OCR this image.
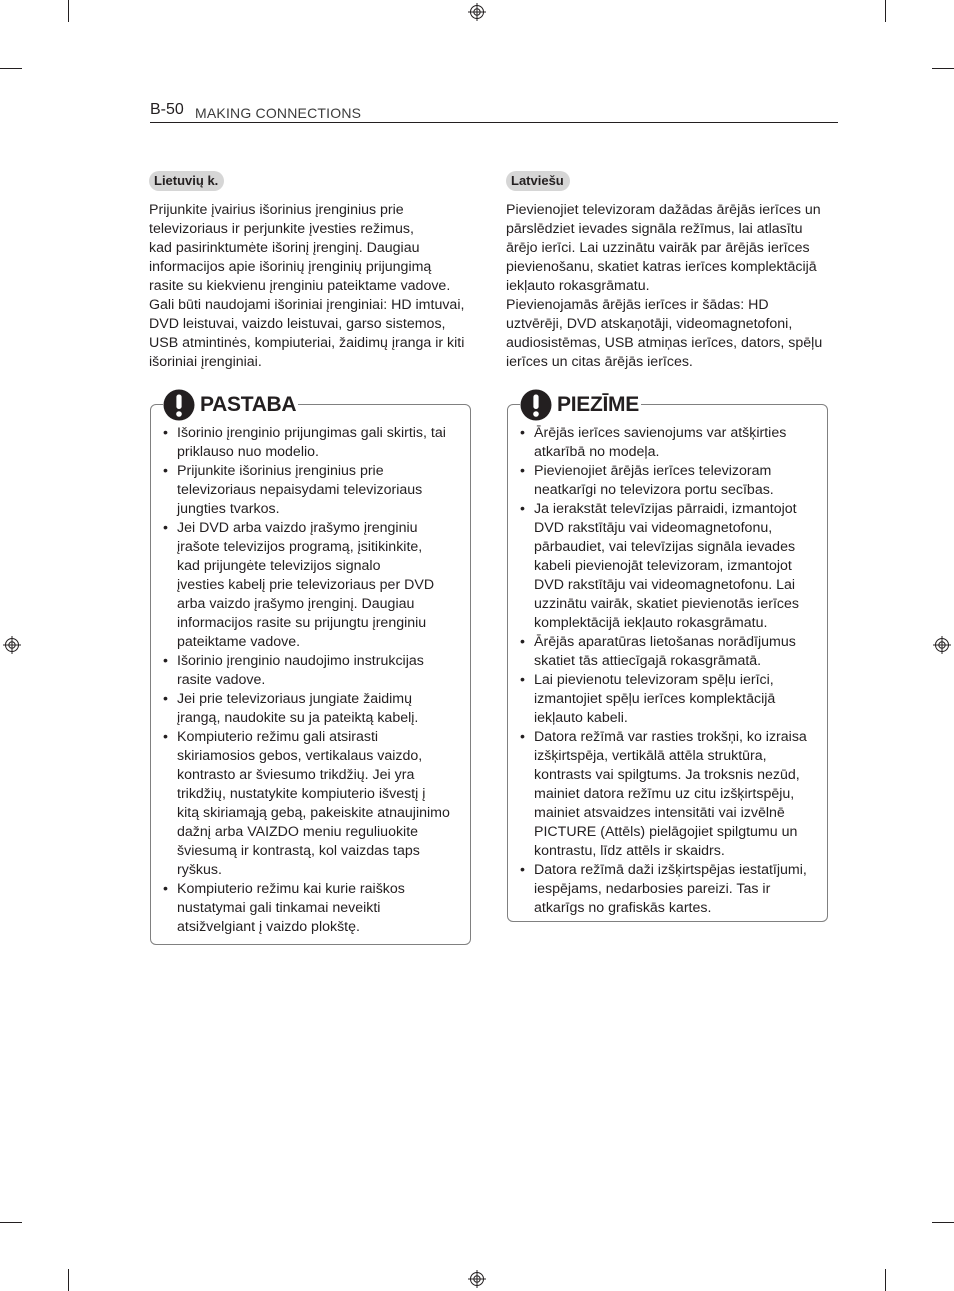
B-50 MAKING CONNECTIONS
Lietuvių k.

Prijunkite įvairius išorinius įrenginius prie
televizoriaus ir perjunkite įvesties režimus,
kad pasirinktumėte išorinį įrenginį. Daugiau
informacijos apie išorinių įrenginių prijungimą
rasite su kiekvienu įrenginiu pateiktame vadove.
Gali būti naudojami išoriniai įrenginiai: HD imtuvai,
DVD leistuvai, vaizdo leistuvai, garso sistemos,
USB atmintinės, kompiuteriai, žaidimų įranga ir kiti
išoriniai įrenginiai.

PASTABA
• Išorinio įrenginio prijungimas gali skirtis, tai
priklauso nuo modelio.
• Prijunkite išorinius įrenginius prie
televizoriaus nepaisydami televizoriaus
jungties tvarkos.
• Jei DVD arba vaizdo įrašymo įrenginiu
įrašote televizijos programą, įsitikinkite,
kad prijungėte televizijos signalo
įvesties kabelį prie televizoriaus per DVD
arba vaizdo įrašymo įrenginį. Daugiau
informacijos rasite su prijungtu įrenginiu
pateiktame vadove.
• Išorinio įrenginio naudojimo instrukcijas
rasite vadove.
• Jei prie televizoriaus jungiate žaidimų
įrangą, naudokite su ja pateiktą kabelį.
• Kompiuterio režimu gali atsirasti
skiriamosios gebos, vertikalaus vaizdo,
kontrasto ar šviesumo trikdžių. Jei yra
trikdžių, nustatykite kompiuterio išvestį į
kitą skiriamąją gebą, pakeiskite atnaujinimo
dažnį arba VAIZDO meniu reguliuokite
šviesumą ir kontrastą, kol vaizdas taps
ryškus.
• Kompiuterio režimu kai kurie raiškos
nustatymai gali tinkamai neveikti
atsižvelgiant į vaizdo plokštę.
Latviešu

Pievienojiet televizoram dažādas ārējās ierīces un
pārslēdziet ievades signāla režīmus, lai atlasītu
ārējo ierīci. Lai uzzinātu vairāk par ārējās ierīces
pievienošanu, skatiet katras ierīces komplektācijā
iekļauto rokasgrāmatu.
Pievienojamās ārējās ierīces ir šādas: HD
uztvērēji, DVD atskaņotāji, videomagnetofoni,
audiosistēmas, USB atmiņas ierīces, dators, spēļu
ierīces un citas ārējās ierīces.

PIEZĪME
• Ārējās ierīces savienojums var atšķirties
atkarībā no modeļa.
• Pievienojiet ārējās ierīces televizoram
neatkarīgi no televizora portu secības.
• Ja ierakstāt televīzijas pārraidi, izmantojot
DVD rakstītāju vai videomagnetofonu,
pārbaudiet, vai televīzijas signāla ievades
kabeli pievienojāt televizoram, izmantojot
DVD rakstītāju vai videomagnetofonu. Lai
uzzinātu vairāk, skatiet pievienotās ierīces
komplektācijā iekļauto rokasgrāmatu.
• Ārējās aparatūras lietošanas norādījumus
skatiet tās attiecīgajā rokasgrāmatā.
• Lai pievienotu televizoram spēļu ierīci,
izmantojiet spēļu ierīces komplektācijā
iekļauto kabeli.
• Datora režīmā var rasties trokšņi, ko izraisa
izšķirtspēja, vertikālā attēla struktūra,
kontrasts vai spilgtums. Ja troksnis nezūd,
mainiet datora režīmu uz citu izšķirtspēju,
mainiet atsvaidzes intensitāti vai izvēlnē
PICTURE (Attēls) pielāgojiet spilgtumu un
kontrastu, līdz attēls ir skaidrs.
• Datora režīmā daži izšķirtspējas iestatījumi,
iespējams, nedarbosies pareizi. Tas ir
atkarīgs no grafiskās kartes.
